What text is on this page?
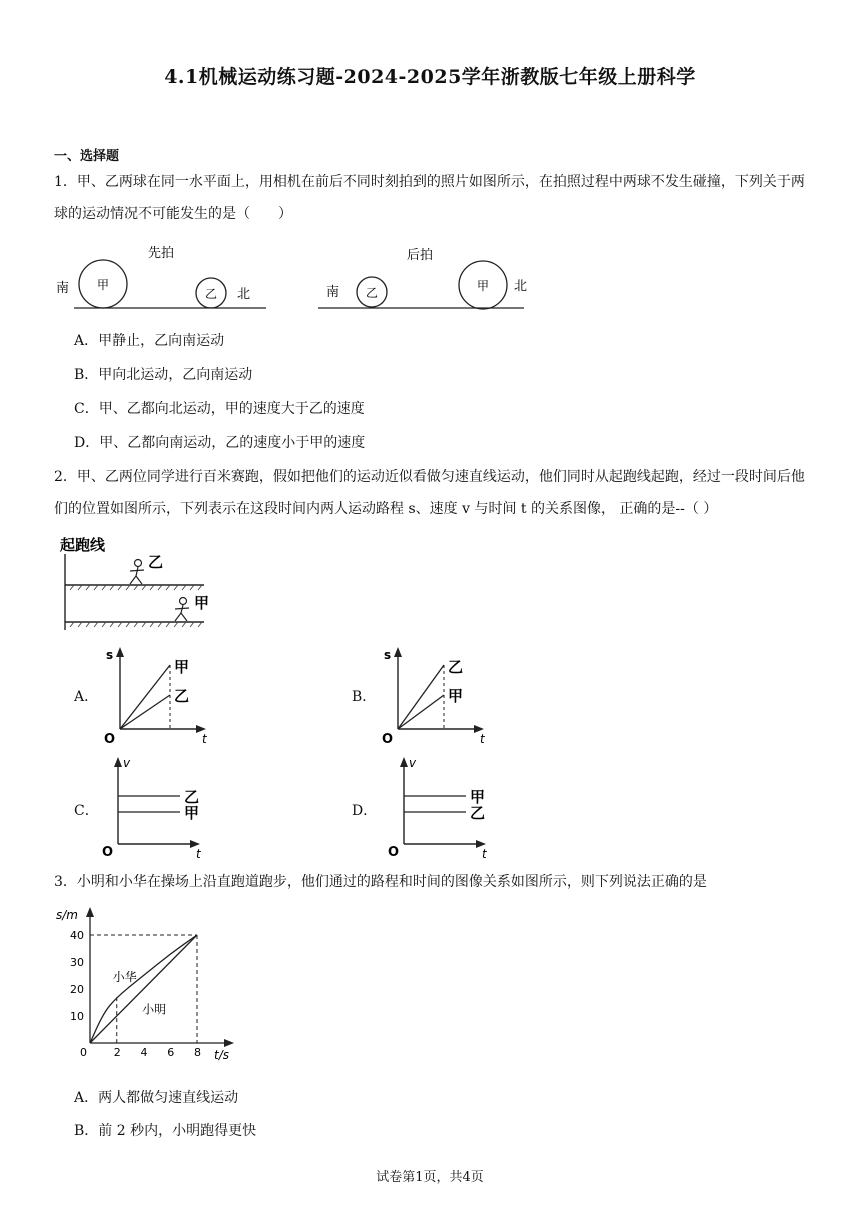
4.1机械运动练习题-2024-2025学年浙教版七年级上册科学
一、选择题
1．甲、乙两球在同一水平面上，用相机在前后不同时刻拍到的照片如图所示，在拍照过程中两球不发生碰撞，下列关于两球的运动情况不可能发生的是（　　）
先拍
南 甲
乙 北
后拍
南 乙	甲 北
A．甲静止，乙向南运动
B．甲向北运动，乙向南运动
C．甲、乙都向北运动，甲的速度大于乙的速度
D．甲、乙都向南运动，乙的速度小于甲的速度
2．甲、乙两位同学进行百米赛跑，假如把他们的运动近似看做匀速直线运动，他们同时从起跑线起跑，经过一段时间后他们的位置如图所示，下列表示在这段时间内两人运动路程 s、速度 v 与时间 t 的关系图像， 正确的是--（ ）
起跑线
乙
甲
A．
s
O	t
甲
乙	B．
s
O	t
乙
甲
C．
v
O	t
乙
甲	D．
v
O	t
甲
乙
3．小明和小华在操场上沿直跑道跑步，他们通过的路程和时间的图像关系如图所示，则下列说法正确的是
s/m
t/s
10
20
30
40
0 2 4 6 8
小华
小明
A．两人都做匀速直线运动
B．前 2 秒内，小明跑得更快
试卷第1页，共4页
